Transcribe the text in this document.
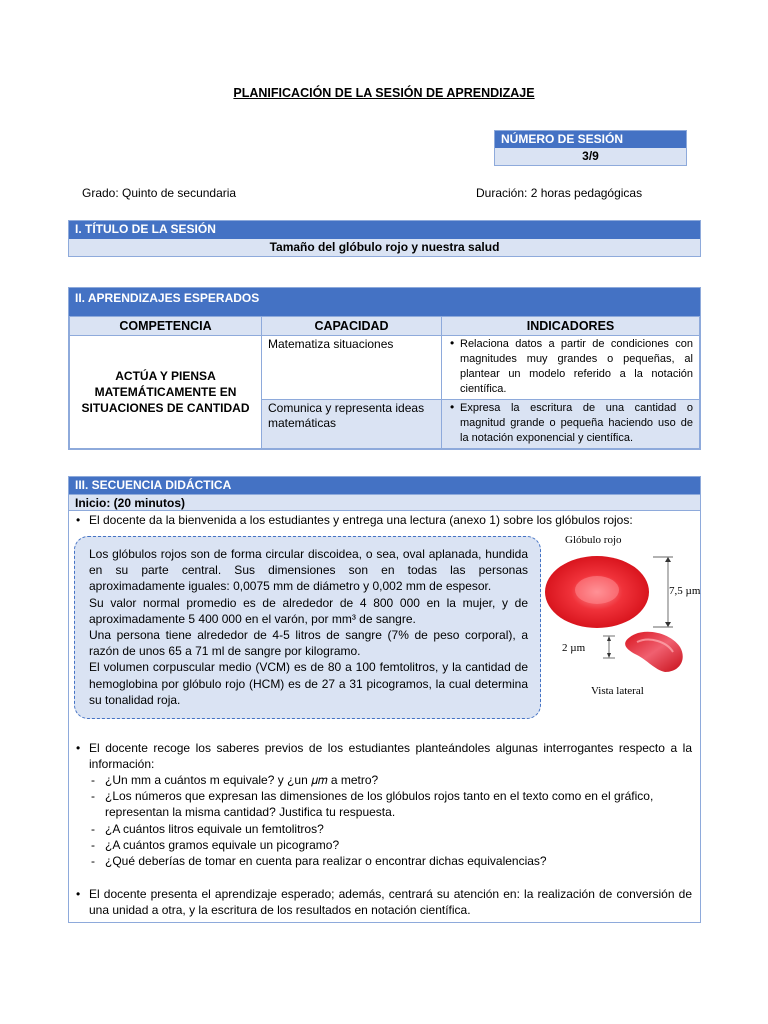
PLANIFICACIÓN DE LA SESIÓN DE APRENDIZAJE
NÚMERO DE SESIÓN
3/9
Grado: Quinto de secundaria	Duración: 2 horas pedagógicas
I. TÍTULO DE LA SESIÓN
Tamaño del glóbulo rojo y nuestra salud
II. APRENDIZAJES ESPERADOS
COMPETENCIA	CAPACIDAD	INDICADORES
ACTÚA Y PIENSA MATEMÁTICAMENTE EN SITUACIONES DE CANTIDAD	Matematiza situaciones	• Relaciona datos a partir de condiciones con magnitudes muy grandes o pequeñas, al plantear un modelo referido a la notación científica.

	Comunica y representa ideas matemáticas	• Expresa la escritura de una cantidad o magnitud grande o pequeña haciendo uso de la notación exponencial y científica.
III. SECUENCIA DIDÁCTICA
Inicio: (20 minutos)
• El docente da la bienvenida a los estudiantes y entrega una lectura (anexo 1) sobre los glóbulos rojos:
Los glóbulos rojos son de forma circular discoidea, o sea, oval aplanada, hundida en su parte central. Sus dimensiones son en todas las personas aproximadamente iguales: 0,0075 mm de diámetro y 0,002 mm de espesor.
Su valor normal promedio es de alrededor de 4 800 000 en la mujer, y de aproximadamente 5 400 000 en el varón, por mm³ de sangre.
Una persona tiene alrededor de 4-5 litros de sangre (7% de peso corporal), a razón de unos 65 a 71 ml de sangre por kilogramo.
El volumen corpuscular medio (VCM) es de 80 a 100 femtolitros, y la cantidad de hemoglobina por glóbulo rojo (HCM) es de 27 a 31 picogramos, la cual determina su tonalidad roja.
Glóbulo rojo
7,5 µm
2 µm
Vista lateral
• El docente recoge los saberes previos de los estudiantes planteándoles algunas interrogantes respecto a la información:
- ¿Un mm a cuántos m equivale? y ¿un 𝜇𝑚 a metro?
- ¿Los números que expresan las dimensiones de los glóbulos rojos tanto en el texto como en el gráfico, representan la misma cantidad? Justifica tu respuesta.
- ¿A cuántos litros equivale un femtolitros?
- ¿A cuántos gramos equivale un picogramo?
- ¿Qué deberías de tomar en cuenta para realizar o encontrar dichas equivalencias?
• El docente presenta el aprendizaje esperado; además, centrará su atención en: la realización de conversión de una unidad a otra, y la escritura de los resultados en notación científica.
